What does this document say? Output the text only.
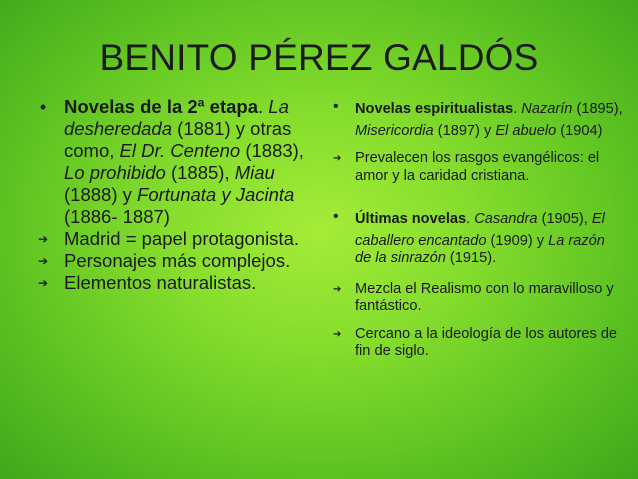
BENITO PÉREZ GALDÓS
• Novelas de la 2ª etapa. La desheredada (1881) y otras como, El Dr. Centeno (1883), Lo prohibido (1885), Miau (1888) y Fortunata y Jacinta (1886- 1887)
➔ Madrid = papel protagonista.
➔ Personajes más complejos.
➔ Elementos naturalistas.
•	Novelas espiritualistas. Nazarín (1895), Misericordia (1897) y El abuelo (1904)
➔ Prevalecen los rasgos evangélicos: el amor y la caridad cristiana.
•	Últimas novelas. Casandra (1905), El caballero encantado (1909) y La razón de la sinrazón (1915).
➔ Mezcla el Realismo con lo maravilloso y fantástico.
➔ Cercano a la ideología de los autores de fin de siglo.
